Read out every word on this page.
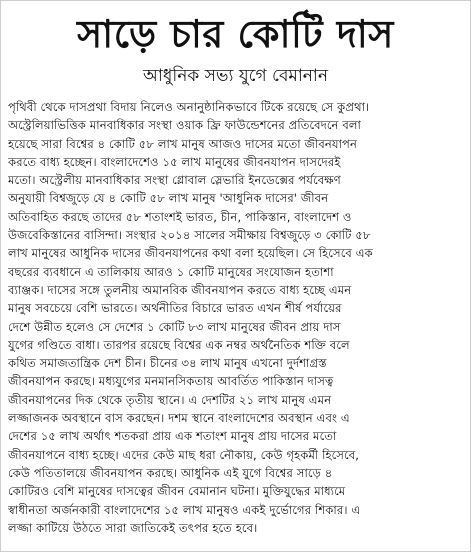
সাড়ে চার কোটি দাস
আধুনিক সভ্য যুগে বেমানান
পৃথিবী থেকে দাসপ্রথা বিদায় নিলেও অনানুষ্ঠানিকভাবে টিকে রয়েছে সে কুপ্রথা।
অস্ট্রেলিয়াভিত্তিক মানবাধিকার সংস্থা ওয়াক ফ্রি ফাউন্ডেশনের প্রতিবেদনে বলা
হয়েছে সারা বিশ্বের ৪ কোটি ৫৮ লাখ মানুষ আজও দাসের মতো জীবনযাপন
করতে বাধ্য হচ্ছেন। বাংলাদেশেও ১৫ লাখ মানুষের জীবনযাপন দাসদেরই
মতো। অস্ট্রেলীয় মানবাধিকার সংস্থা গ্লোবাল স্লেভারি ইনডেক্সের পর্যবেক্ষণ
অনুযায়ী বিশ্বজুড়ে যে ৪ কোটি ৫৮ লাখ মানুষ 'আধুনিক দাসের' জীবন
অতিবাহিত করছে তাদের ৫৮ শতাংশই ভারত, চীন, পাকিস্তান, বাংলাদেশ ও
উজবেকিস্তানের বাসিন্দা। সংস্থার ২০১৪ সালের সমীক্ষায় বিশ্বজুড়ে ৩ কোটি ৫৮
লাখ মানুষের আধুনিক দাসের জীবনযাপনের কথা বলা হয়েছিল। সে হিসেবে এক
বছরের ব্যবধানে এ তালিকায় আরও ১ কোটি মানুষের সংযোজন হতাশা
ব্যাঞ্জক। দাসের সঙ্গে তুলনীয় অমানবিক জীবনযাপন করতে বাধ্য হচ্ছে এমন
মানুষ সবচেয়ে বেশি ভারতে। অর্থনীতির বিচারে ভারত এখন শীর্ষ পর্যায়ের
দেশে উন্নীত হলেও সে দেশের ১ কোটি ৮৩ লাখ মানুষের জীবন প্রায় দাস
যুগের গণ্ডিতে বাধা। তারপর রয়েছে বিশ্বের এক নম্বর অর্থনৈতিক শক্তি বলে
কথিত সমাজতান্ত্রিক দেশ চীন। চীনের ৩৪ লাখ মানুষ এখনো দুর্দশাগ্রস্ত
জীবনযাপন করছে। মধ্যযুগের মনমানসিকতায় আবর্তিত পাকিস্তান দাসত্ব
জীবনযাপনের দিক থেকে তৃতীয় স্থানে। এ দেশটির ২১ লাখ মানুষ এমন
লজ্জাজনক অবস্থানে বাস করছেন। দশম স্থানে বাংলাদেশের অবস্থান এবং এ
দেশের ১৫ লাখ অর্থাৎ শতকরা প্রায় এক শতাংশ মানুষ প্রায় দাসের মতো
জীবনযাপনে বাধ্য হচ্ছে। এদের কেউ মাছ ধরা নৌকায়, কেউ গৃহকর্মী হিসেবে,
কেউ পতিতালয়ে জীবনযাপন করছে। আধুনিক এই যুগে বিশ্বের সাড়ে ৪
কোটিরও বেশি মানুষের দাসত্বের জীবন বেমানান ঘটনা। মুক্তিযুদ্ধের মাধ্যমে
স্বাধীনতা অর্জনকারী বাংলাদেশের ১৫ লাখ মানুষও একই দুর্ভোগের শিকার। এ
লজ্জা কাটিয়ে উঠতে সারা জাতিকেই তৎপর হতে হবে।
